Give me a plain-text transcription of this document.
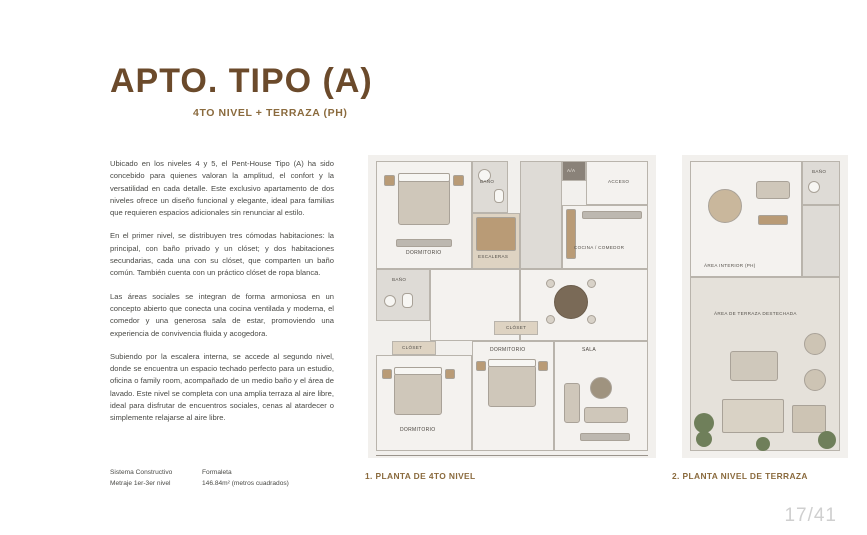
APTO. TIPO (A)
4TO NIVEL + TERRAZA (PH)

Ubicado en los niveles 4 y 5, el Pent-House Tipo (A) ha sido concebido para quienes valoran la amplitud, el confort y la versatilidad en cada detalle. Este exclusivo apartamento de dos niveles ofrece un diseño funcional y elegante, ideal para familias que requieren espacios adicionales sin renunciar al estilo.

En el primer nivel, se distribuyen tres cómodas habitaciones: la principal, con baño privado y un clóset; y dos habitaciones secundarias, cada una con su clóset, que comparten un baño común. También cuenta con un práctico clóset de ropa blanca.

Las áreas sociales se integran de forma armoniosa en un concepto abierto que conecta una cocina ventilada y moderna, el comedor y una generosa sala de estar, promoviendo una experiencia de convivencia fluida y acogedora.

Subiendo por la escalera interna, se accede al segundo nivel, donde se encuentra un espacio techado perfecto para un estudio, oficina o family room, acompañado de un medio baño y el área de lavado. Este nivel se completa con una amplia terraza al aire libre, ideal para disfrutar de encuentros sociales, cenas al atardecer o simplemente relajarse al aire libre.

Sistema Constructivo	Formaleta
Metraje 1er-3er nivel	146.84m² (metros cuadrados)
DORMITORIO
ESCALERAS
BAÑO
A/A
ACCESO
COCINA / COMEDOR
BAÑO
CLÓSET
CLÓSET
DORMITORIO
DORMITORIO	SALA
1. PLANTA DE 4TO NIVEL
ÁREA INTERIOR (PH)
BAÑO
ÁREA DE TERRAZA DESTECHADA
2. PLANTA NIVEL DE TERRAZA
17/41
